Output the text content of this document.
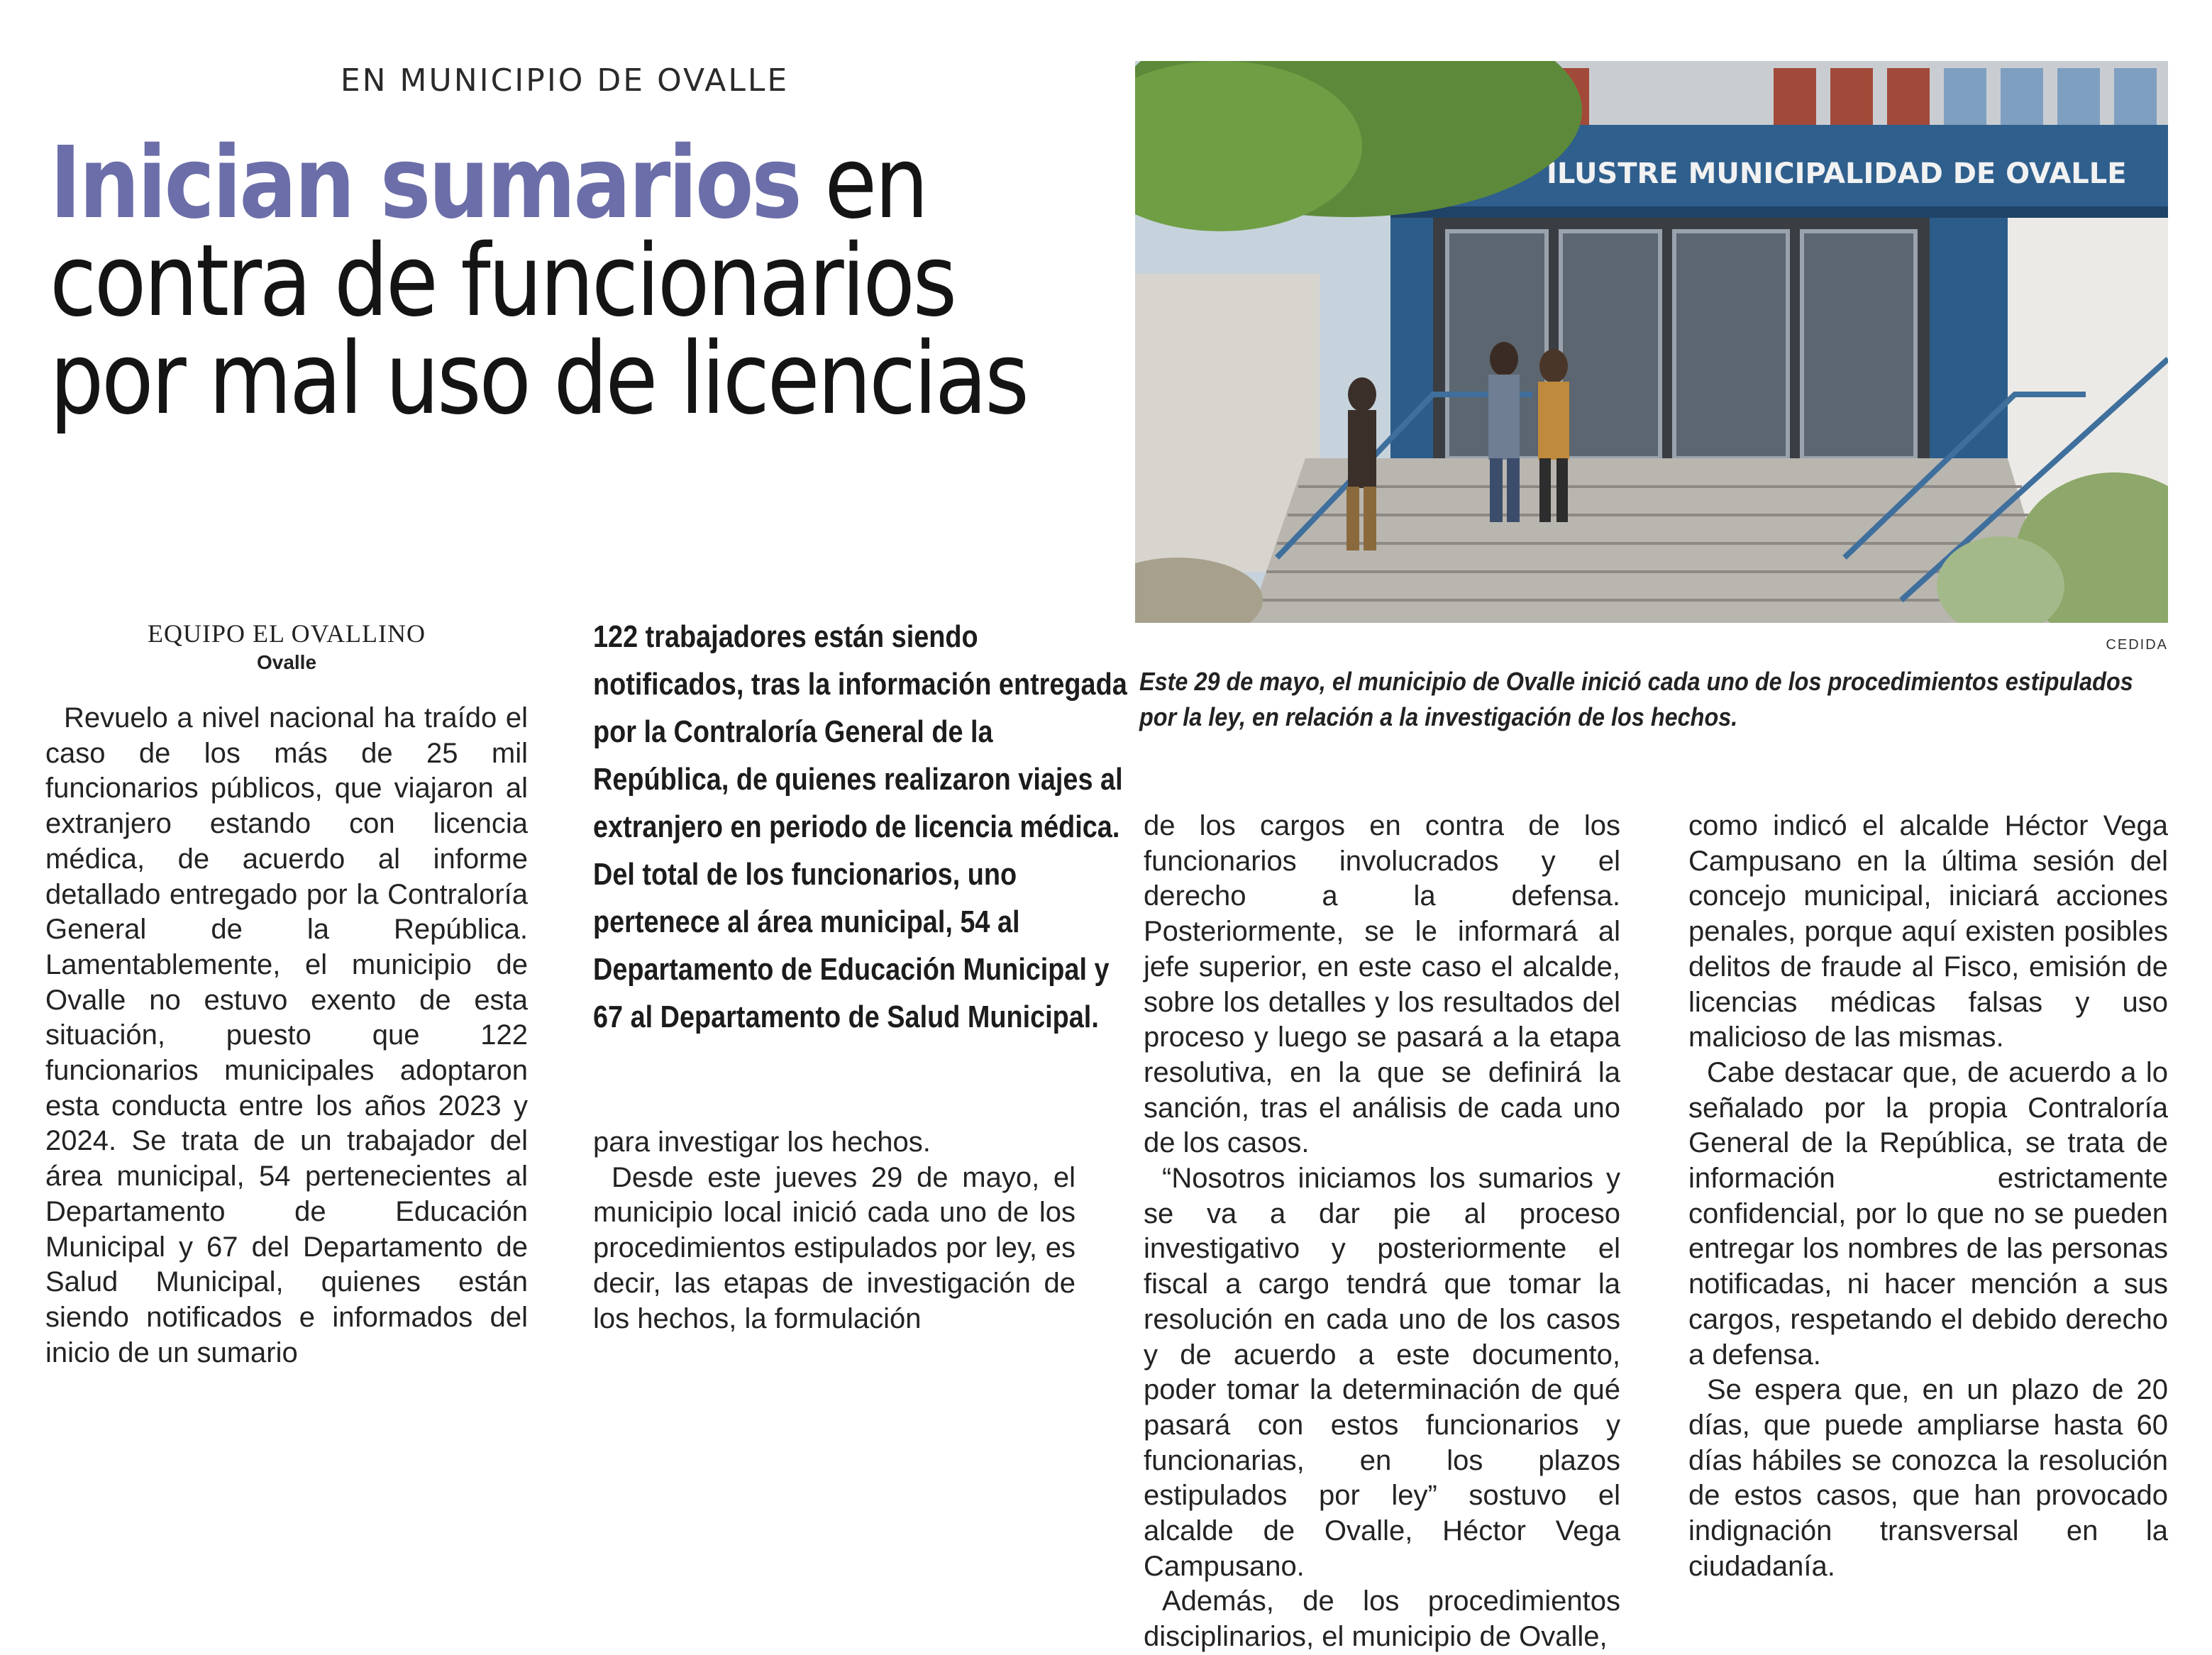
EN MUNICIPIO DE OVALLE
Inician sumarios en
contra de funcionarios
por mal uso de licencias
ILUSTRE MUNICIPALIDAD DE OVALLE
CEDIDA
Este 29 de mayo, el municipio de Ovalle inició cada uno de los procedimientos estipulados por la ley, en relación a la investigación de los hechos.
EQUIPO EL OVALLINO
Ovalle

Revuelo a nivel nacional ha traído el caso de los más de 25 mil funcionarios públicos, que viajaron al extranjero estando con licencia médica, de acuerdo al informe detallado entregado por la Contraloría General de la República. Lamentablemente, el municipio de Ovalle no estuvo exento de esta situación, puesto que 122 funcionarios municipales adoptaron esta conducta entre los años 2023 y 2024. Se trata de un trabajador del área municipal, 54 pertenecientes al Departamento de Educación Municipal y 67 del Departamento de Salud Municipal, quienes están siendo notificados e informados del inicio de un sumario

122 trabajadores están siendo notificados, tras la información entregada por la Contraloría General de la República, de quienes realizaron viajes al extranjero en periodo de licencia médica. Del total de los funcionarios, uno pertenece al área municipal, 54 al Departamento de Educación Municipal y 67 al Departamento de Salud Municipal.

para investigar los hechos.

Desde este jueves 29 de mayo, el municipio local inició cada uno de los procedimientos estipulados por ley, es decir, las etapas de investigación de los hechos, la formulación

de los cargos en contra de los funcionarios involucrados y el derecho a la defensa. Posteriormente, se le informará al jefe superior, en este caso el alcalde, sobre los detalles y los resultados del proceso y luego se pasará a la etapa resolutiva, en la que se definirá la sanción, tras el análisis de cada uno de los casos.

“Nosotros iniciamos los sumarios y se va a dar pie al proceso investigativo y posteriormente el fiscal a cargo tendrá que tomar la resolución en cada uno de los casos y de acuerdo a este documento, poder tomar la determinación de qué pasará con estos funcionarios y funcionarias, en los plazos estipulados por ley” sostuvo el alcalde de Ovalle, Héctor Vega Campusano.

Además, de los procedimientos disciplinarios, el municipio de Ovalle,

como indicó el alcalde Héctor Vega Campusano en la última sesión del concejo municipal, iniciará acciones penales, porque aquí existen posibles delitos de fraude al Fisco, emisión de licencias médicas falsas y uso malicioso de las mismas.

Cabe destacar que, de acuerdo a lo señalado por la propia Contraloría General de la República, se trata de información estrictamente confidencial, por lo que no se pueden entregar los nombres de las personas notificadas, ni hacer mención a sus cargos, respetando el debido derecho a defensa.

Se espera que, en un plazo de 20 días, que puede ampliarse hasta 60 días hábiles se conozca la resolución de estos casos, que han provocado indignación transversal en la ciudadanía.
